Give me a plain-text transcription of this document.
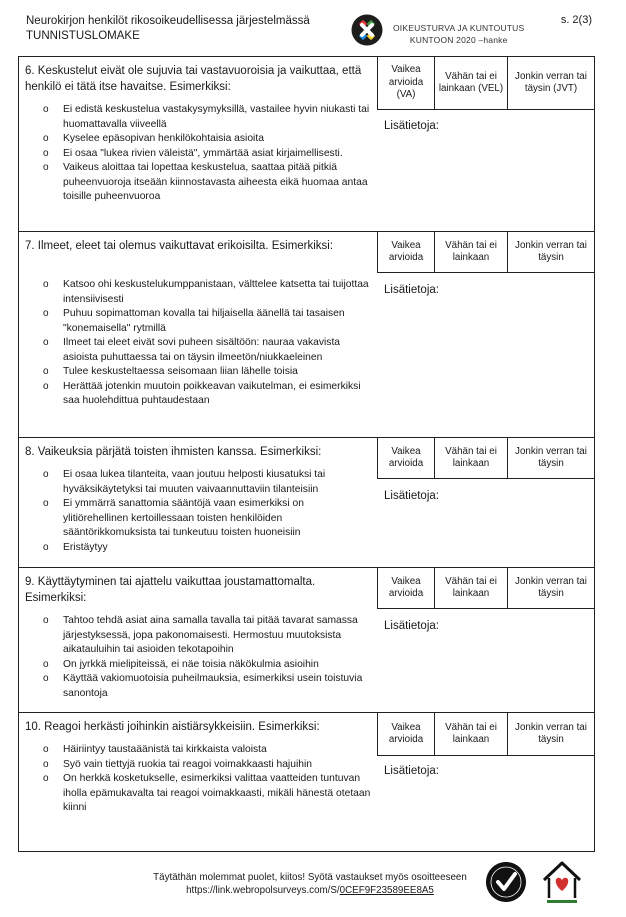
Neurokirjon henkilöt rikosoikeudellisessa järjestelmässä
TUNNISTUSLOMAKE
OIKEUSTURVA JA KUNTOUTUS
KUNTOON 2020 –hanke
s. 2(3)
6. Keskustelut eivät ole sujuvia tai vastavuoroisia ja vaikuttaa, että henkilö ei tätä itse havaitse. Esimerkiksi:
o Ei edistä keskustelua vastakysymyksillä, vastailee hyvin niukasti tai huomattavalla viiveellä
o Kyselee epäsopivan henkilökohtaisia asioita
o Ei osaa "lukea rivien väleistä", ymmärtää asiat kirjaimellisesti.
o Vaikeus aloittaa tai lopettaa keskustelua, saattaa pitää pitkiä puheenvuoroja itseään kiinnostavasta aiheesta eikä huomaa antaa toisille puheenvuoroa
Vaikea arvioida (VA)
Vähän tai ei lainkaan (VEL)
Jonkin verran tai täysin (JVT)
Lisätietoja:
7. Ilmeet, eleet tai olemus vaikuttavat erikoisilta. Esimerkiksi:
o Katsoo ohi keskustelukumppanistaan, välttelee katsetta tai tuijottaa intensiivisesti
o Puhuu sopimattoman kovalla tai hiljaisella äänellä tai tasaisen "konemaisella" rytmillä
o Ilmeet tai eleet eivät sovi puheen sisältöön: nauraa vakavista asioista puhuttaessa tai on täysin ilmeetön/niukkaeleinen
o Tulee keskusteltaessa seisomaan liian lähelle toisia
o Herättää jotenkin muutoin poikkeavan vaikutelman, ei esimerkiksi saa huolehdittua puhtaudestaan
Vaikea arvioida
Vähän tai ei lainkaan
Jonkin verran tai täysin
Lisätietoja:
8. Vaikeuksia pärjätä toisten ihmisten kanssa. Esimerkiksi:
o Ei osaa lukea tilanteita, vaan joutuu helposti kiusatuksi tai hyväksikäytetyksi tai muuten vaivaannuttaviin tilanteisiin
o Ei ymmärrä sanattomia sääntöjä vaan esimerkiksi on ylitiörehellinen kertoillessaan toisten henkilöiden sääntörikkomuksista tai tunkeutuu toisten huoneisiin
o Eristäytyy
Vaikea arvioida
Vähän tai ei lainkaan
Jonkin verran tai täysin
Lisätietoja:
9. Käyttäytyminen tai ajattelu vaikuttaa joustamattomalta. Esimerkiksi:
o Tahtoo tehdä asiat aina samalla tavalla tai pitää tavarat samassa järjestyksessä, jopa pakonomaisesti. Hermostuu muutoksista aikatauluihin tai asioiden tekotapoihin
o On jyrkkä mielipiteissä, ei näe toisia näkökulmia asioihin
o Käyttää vakiomuotoisia puheilmauksia, esimerkiksi usein toistuvia sanontoja
Vaikea arvioida
Vähän tai ei lainkaan
Jonkin verran tai täysin
Lisätietoja:
10. Reagoi herkästi joihinkin aistiärsykkeisiin. Esimerkiksi:
o Häiriintyy taustaäänistä tai kirkkaista valoista
o Syö vain tiettyjä ruokia tai reagoi voimakkaasti hajuihin
o On herkkä kosketukselle, esimerkiksi valittaa vaatteiden tuntuvan iholla epämukavalta tai reagoi voimakkaasti, mikäli hänestä otetaan kiinni
Vaikea arvioida
Vähän tai ei lainkaan
Jonkin verran tai täysin
Lisätietoja:
Täytäthän molemmat puolet, kiitos! Syötä vastaukset myös osoitteeseen
https://link.webropolsurveys.com/S/0CEF9F23589EE8A5
